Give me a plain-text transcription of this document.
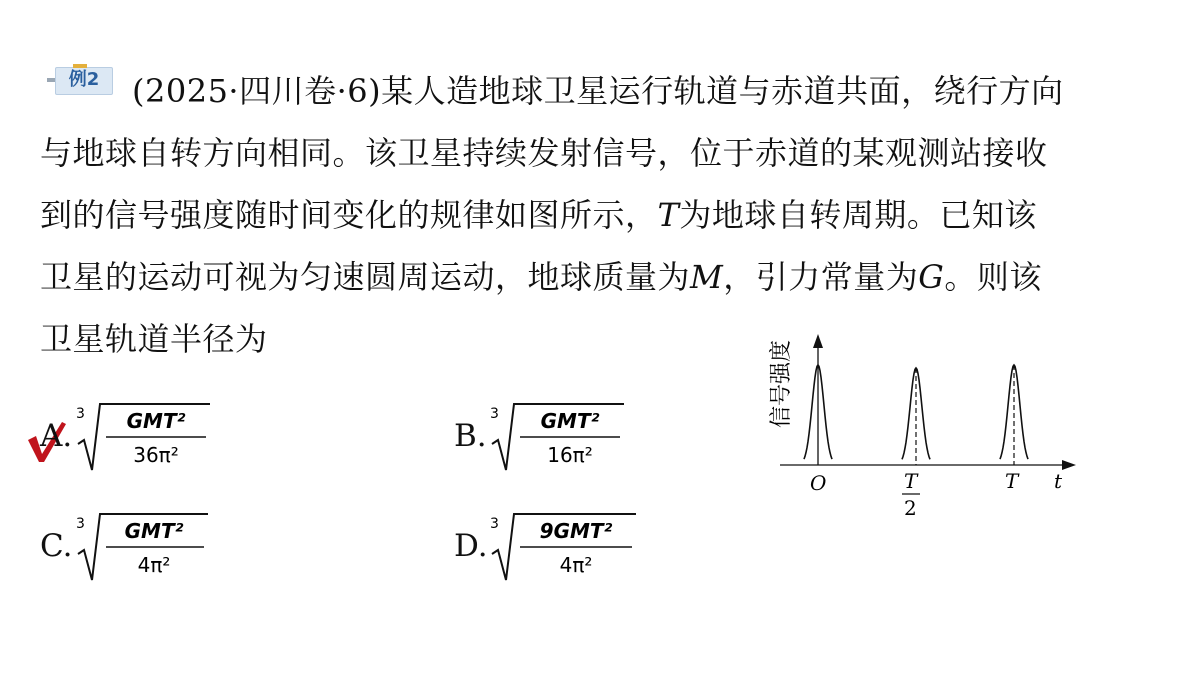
例2	(2025·四川卷·6)某人造地球卫星运行轨道与赤道共面，绕行方向
与地球自转方向相同。该卫星持续发射信号，位于赤道的某观测站接收
到的信号强度随时间变化的规律如图所示，T为地球自转周期。已知该
卫星的运动可视为匀速圆周运动，地球质量为M，引力常量为G。则该
卫星轨道半径为
A.
3 GMT²
36π²
B.
3 GMT²
16π²
C.
3 GMT²
4π²
D.
3 9GMT²
4π²
信号强度
O	T
2
T t
